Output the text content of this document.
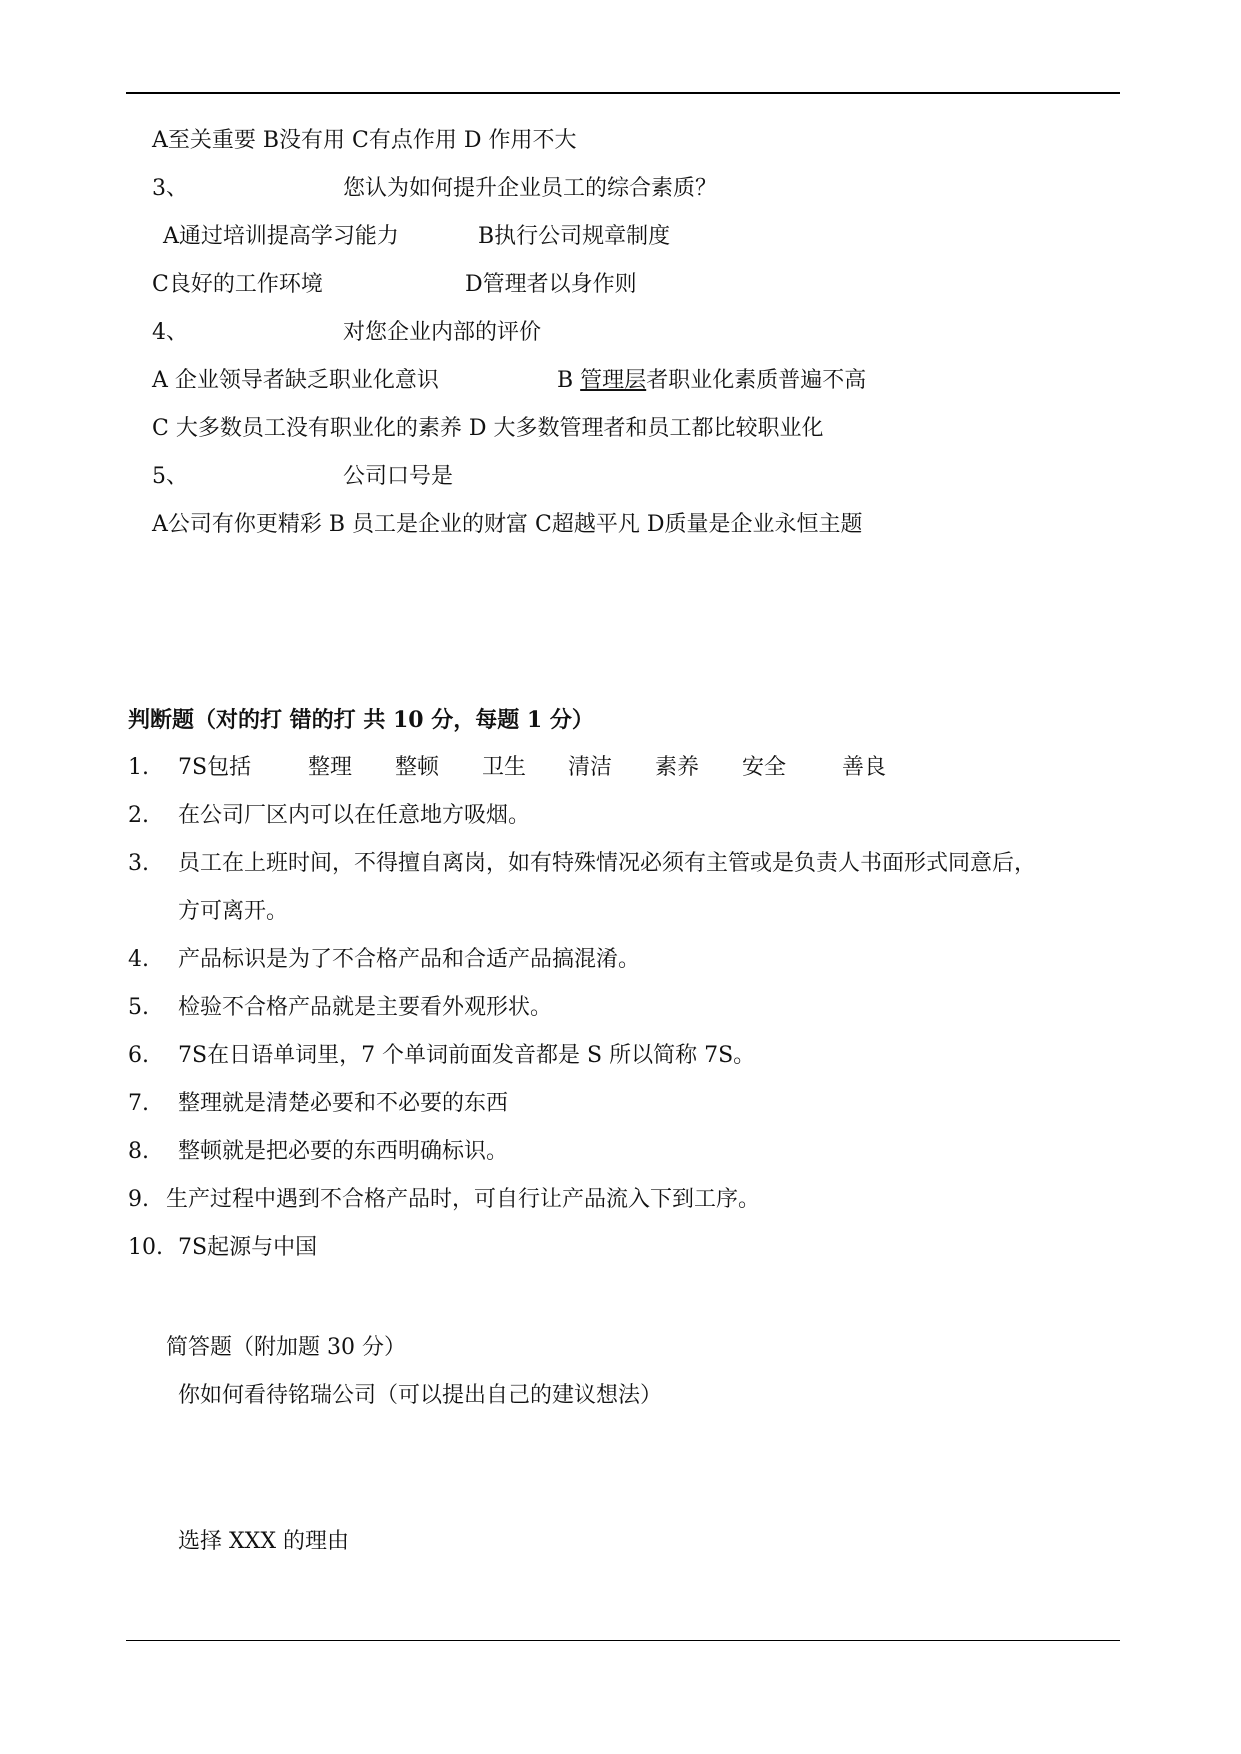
A至关重要 B没有用 C有点作用 D 作用不大
3、	您认为如何提升企业员工的综合素质？
A通过培训提高学习能力	B执行公司规章制度
C良好的工作环境	D管理者以身作则
4、	对您企业内部的评价
A 企业领导者缺乏职业化意识	B 管理层者职业化素质普遍不高
C 大多数员工没有职业化的素养 D 大多数管理者和员工都比较职业化
5、	公司口号是
A公司有你更精彩 B 员工是企业的财富 C超越平凡 D质量是企业永恒主题
判断题（对的打 错的打 共 10 分，每题 1 分）
1. 7S包括	整理 整顿 卫生 清洁 素养 安全	善良
2. 在公司厂区内可以在任意地方吸烟。
3. 员工在上班时间，不得擅自离岗，如有特殊情况必须有主管或是负责人书面形式同意后，
方可离开。
4. 产品标识是为了不合格产品和合适产品搞混淆。
5. 检验不合格产品就是主要看外观形状。
6. 7S在日语单词里，7 个单词前面发音都是 S 所以简称 7S。
7. 整理就是清楚必要和不必要的东西
8. 整顿就是把必要的东西明确标识。
9. 生产过程中遇到不合格产品时，可自行让产品流入下到工序。
10. 7S起源与中国
简答题（附加题 30 分）
你如何看待铭瑞公司（可以提出自己的建议想法）
选择 XXX 的理由
